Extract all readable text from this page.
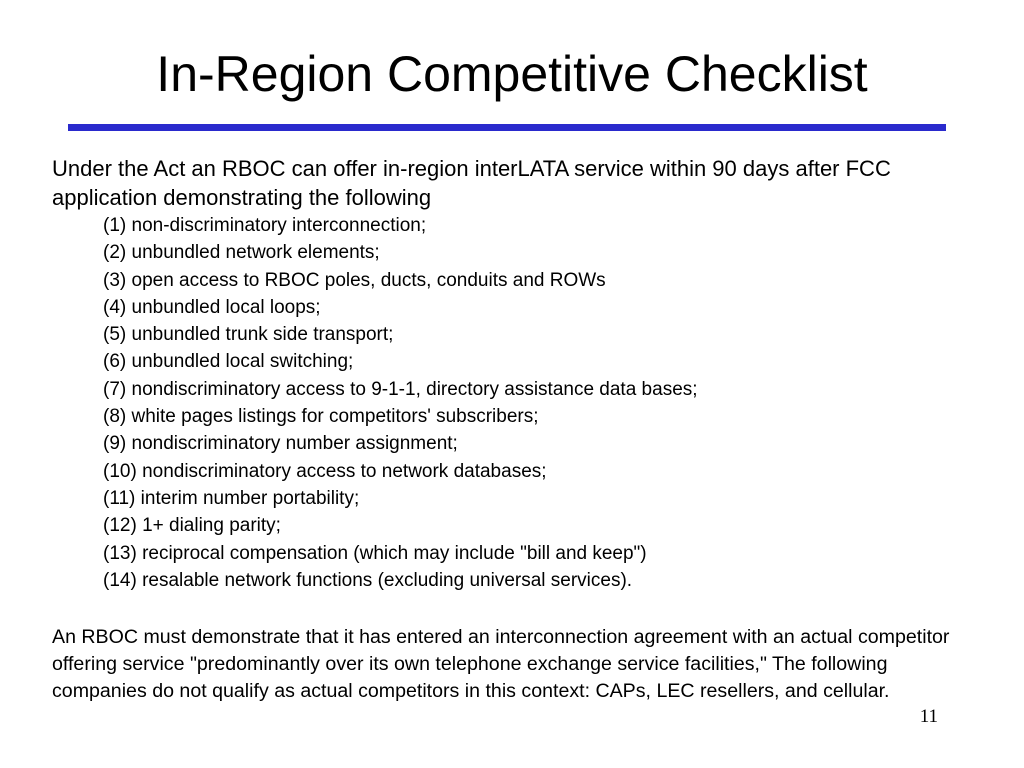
In-Region Competitive Checklist
Under the Act an RBOC can offer in-region interLATA service within 90 days after FCC application demonstrating the following
(1) non-discriminatory interconnection;
(2) unbundled network elements;
(3) open access to RBOC poles, ducts, conduits and ROWs
(4) unbundled local loops;
(5) unbundled trunk side transport;
(6) unbundled local switching;
(7) nondiscriminatory access to 9-1-1, directory assistance data bases;
(8) white pages listings for competitors' subscribers;
(9) nondiscriminatory number assignment;
(10) nondiscriminatory access to network databases;
(11) interim number portability;
(12) 1+ dialing parity;
(13) reciprocal compensation (which may include "bill and keep")
(14) resalable network functions (excluding universal services).
An RBOC must demonstrate that it has entered an interconnection agreement with an actual competitor offering service "predominantly over its own telephone exchange service facilities," The following companies do not qualify as actual competitors in this context: CAPs, LEC resellers, and cellular.
11
